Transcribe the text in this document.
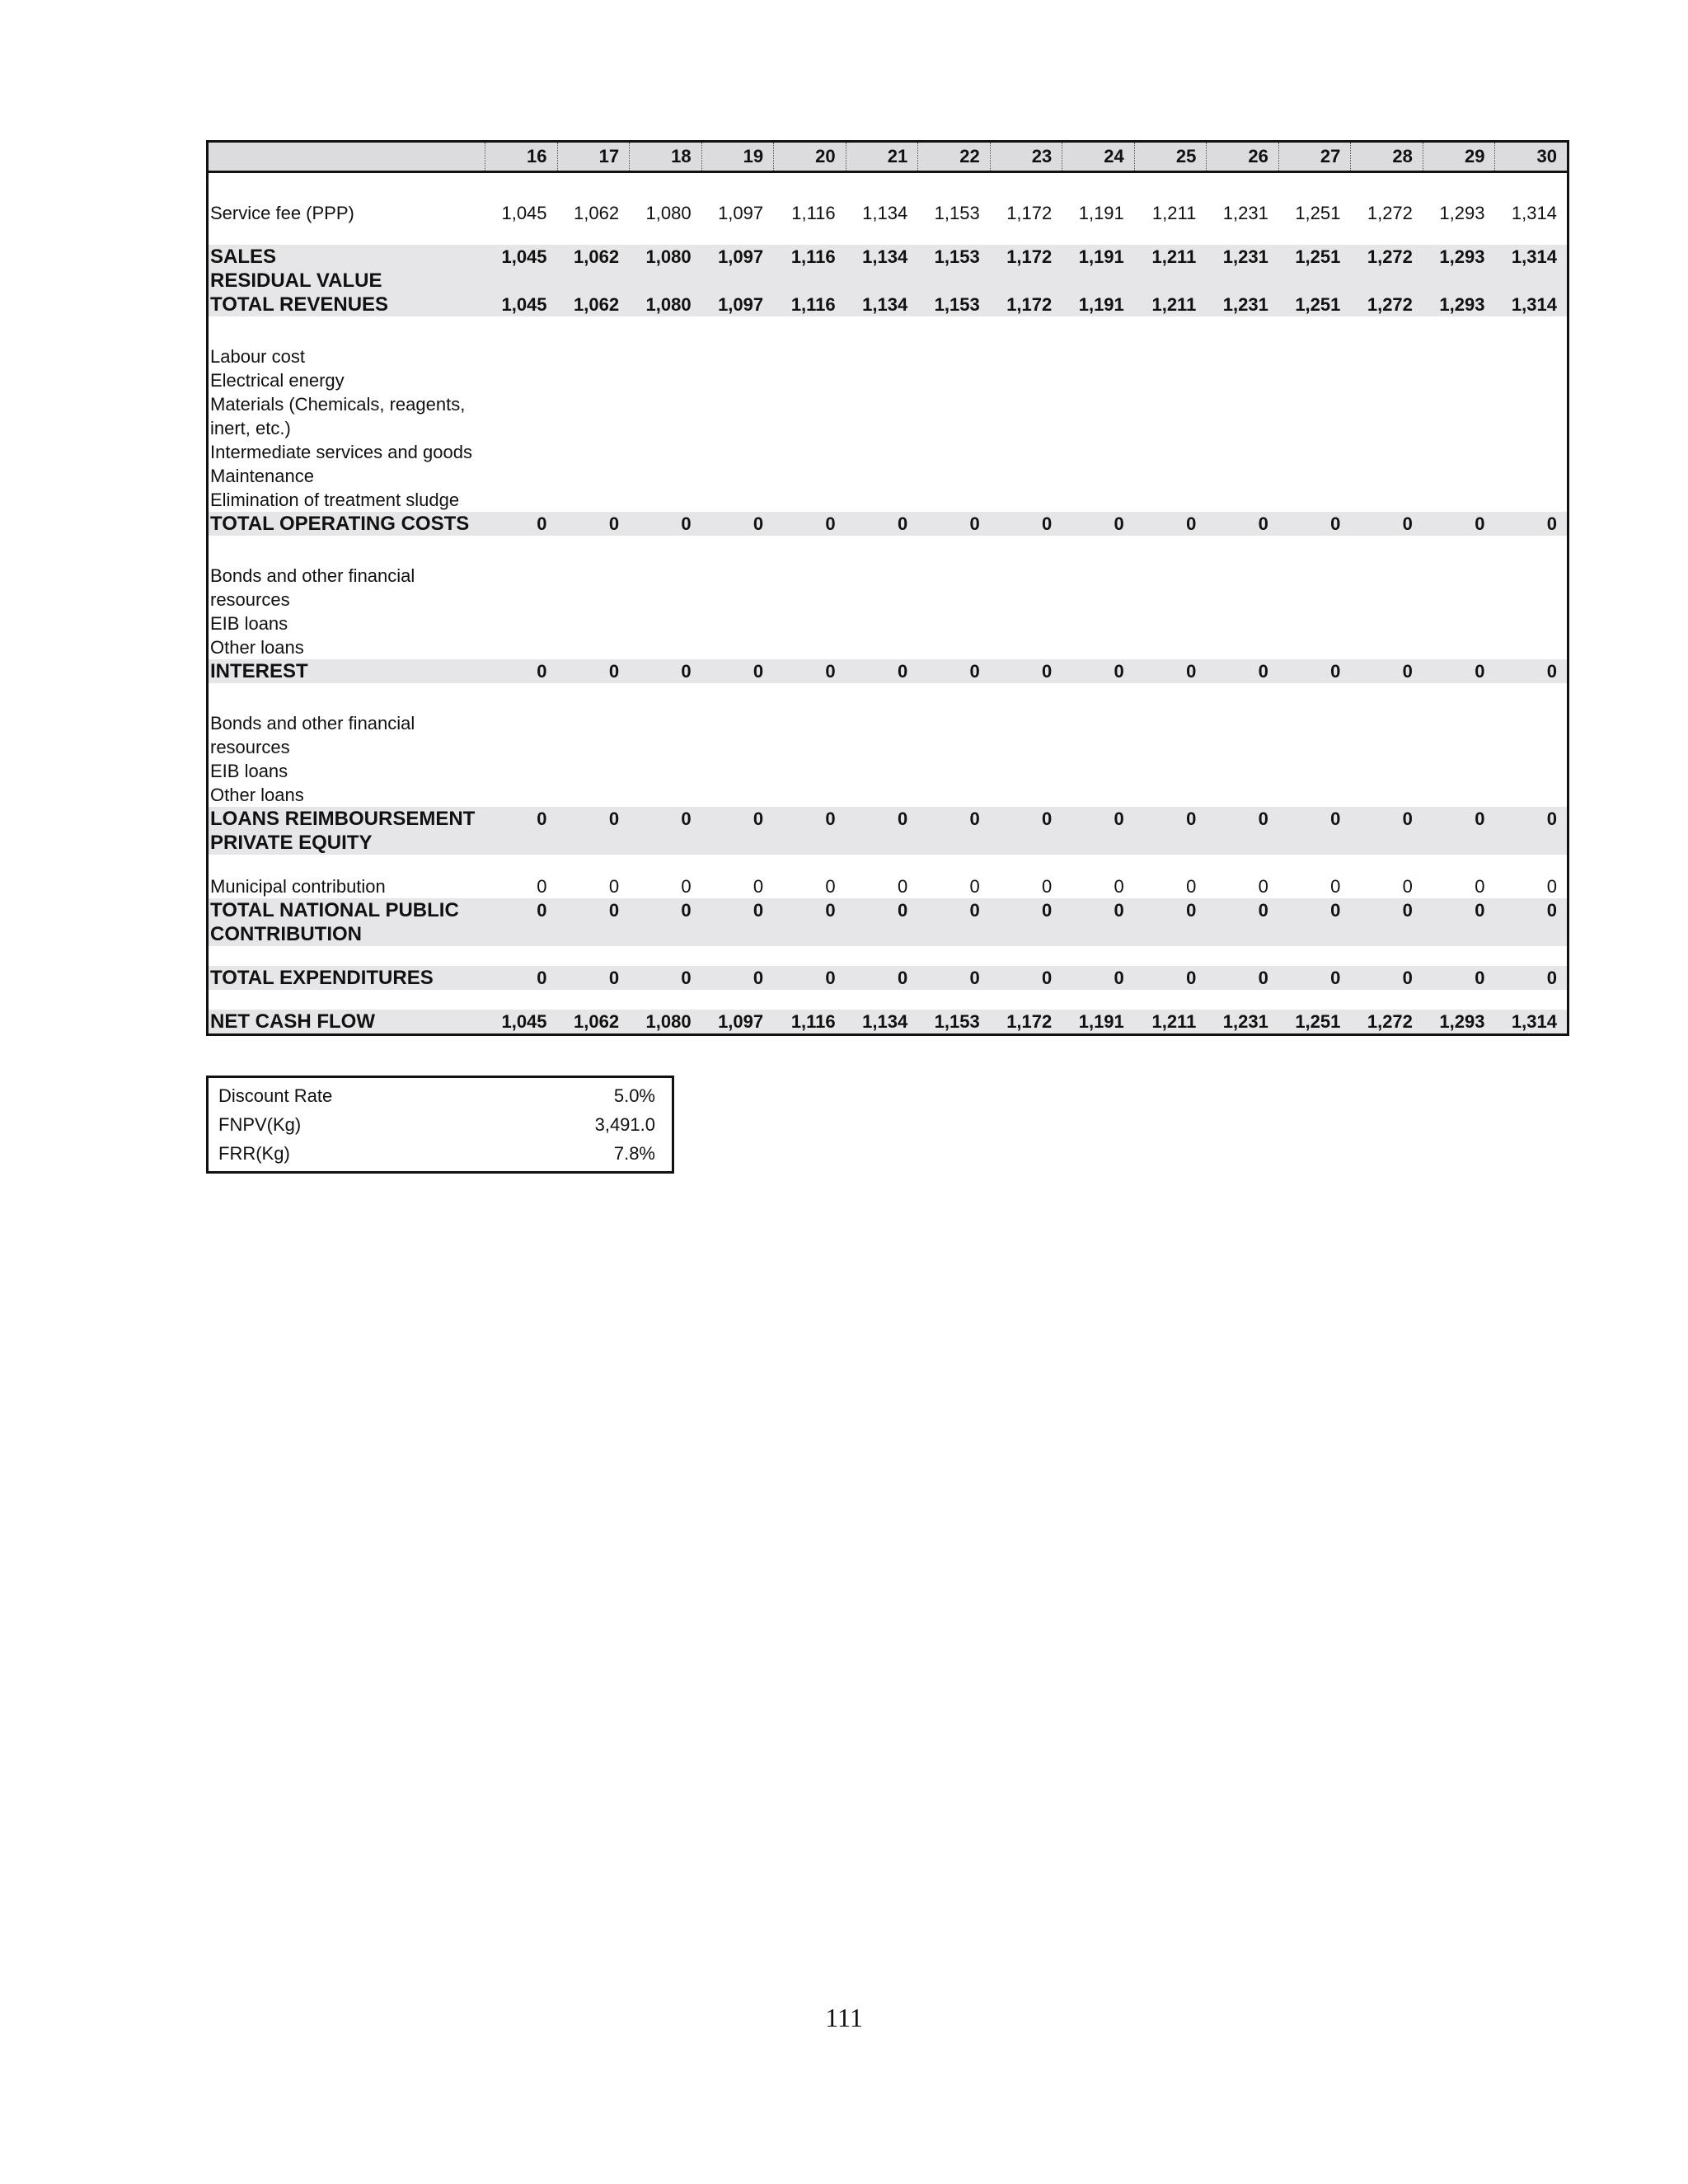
16	17	18	19	20	21	22	23	24	25	26	27	28	29	30
Service fee (PPP)	1,045	1,062	1,080	1,097	1,116	1,134	1,153	1,172	1,191	1,211	1,231	1,251	1,272	1,293	1,314
SALES	1,045	1,062	1,080	1,097	1,116	1,134	1,153	1,172	1,191	1,211	1,231	1,251	1,272	1,293	1,314
RESIDUAL VALUE
TOTAL REVENUES	1,045	1,062	1,080	1,097	1,116	1,134	1,153	1,172	1,191	1,211	1,231	1,251	1,272	1,293	1,314
Labour cost
Electrical energy
Materials (Chemicals, reagents,
inert, etc.)
Intermediate services and goods
Maintenance
Elimination of treatment sludge
TOTAL OPERATING COSTS	0	0	0	0	0	0	0	0	0	0	0	0	0	0	0
Bonds and other financial
resources
EIB loans
Other loans
INTEREST	0	0	0	0	0	0	0	0	0	0	0	0	0	0	0
Bonds and other financial
resources
EIB loans
Other loans
LOANS REIMBOURSEMENT	0	0	0	0	0	0	0	0	0	0	0	0	0	0	0
PRIVATE EQUITY
Municipal contribution	0	0	0	0	0	0	0	0	0	0	0	0	0	0	0
TOTAL NATIONAL PUBLIC	0	0	0	0	0	0	0	0	0	0	0	0	0	0	0
CONTRIBUTION
TOTAL EXPENDITURES	0	0	0	0	0	0	0	0	0	0	0	0	0	0	0
NET CASH FLOW	1,045	1,062	1,080	1,097	1,116	1,134	1,153	1,172	1,191	1,211	1,231	1,251	1,272	1,293	1,314
Discount Rate	5.0%
FNPV(Kg)	3,491.0
FRR(Kg)	7.8%
111
